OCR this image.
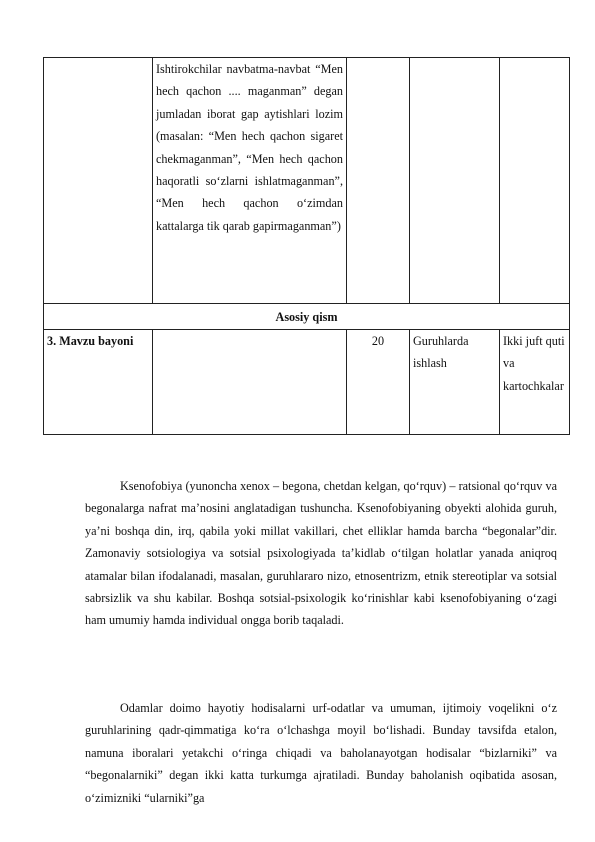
	Ishtirokchilar navbatma-navbat “Men hech qachon .... maganman” degan jumladan iborat gap aytishlari lozim (masalan: “Men hech qachon sigaret chekmaganman”, “Men hech qachon haqoratli so‘zlarni ishlatmaganman”, “Men hech qachon o‘zimdan kattalarga tik qarab gapirmaganman”)			
Asosiy qism				
3. Mavzu bayoni		20	Guruhlarda ishlash	Ikki juft quti va kartochkalar

Ksenofobiya (yunoncha xenox – begona, chetdan kelgan, qo‘rquv) – ratsional qo‘rquv va begonalarga nafrat ma’nosini anglatadigan tushuncha. Ksenofobiyaning obyekti alohida guruh, ya’ni boshqa din, irq, qabila yoki millat vakillari, chet elliklar hamda barcha “begonalar”dir. Zamonaviy sotsiologiya va sotsial psixologiyada ta’kidlab o‘tilgan holatlar yanada aniqroq atamalar bilan ifodalanadi, masalan, guruhlararo nizo, etnosentrizm, etnik stereotiplar va sotsial sabrsizlik va shu kabilar. Boshqa sotsial-psixologik ko‘rinishlar kabi ksenofobiyaning o‘zagi ham umumiy hamda individual ongga borib taqaladi.

Odamlar doimo hayotiy hodisalarni urf-odatlar va umuman, ijtimoiy voqelikni o‘z guruhlarining qadr-qimmatiga ko‘ra o‘lchashga moyil bo‘lishadi. Bunday tavsifda etalon, namuna iboralari yetakchi o‘ringa chiqadi va baholanayotgan hodisalar “bizlarniki” va “begonalarniki” degan ikki katta turkumga ajratiladi. Bunday baholanish oqibatida asosan, o‘zimizniki “ularniki”ga
